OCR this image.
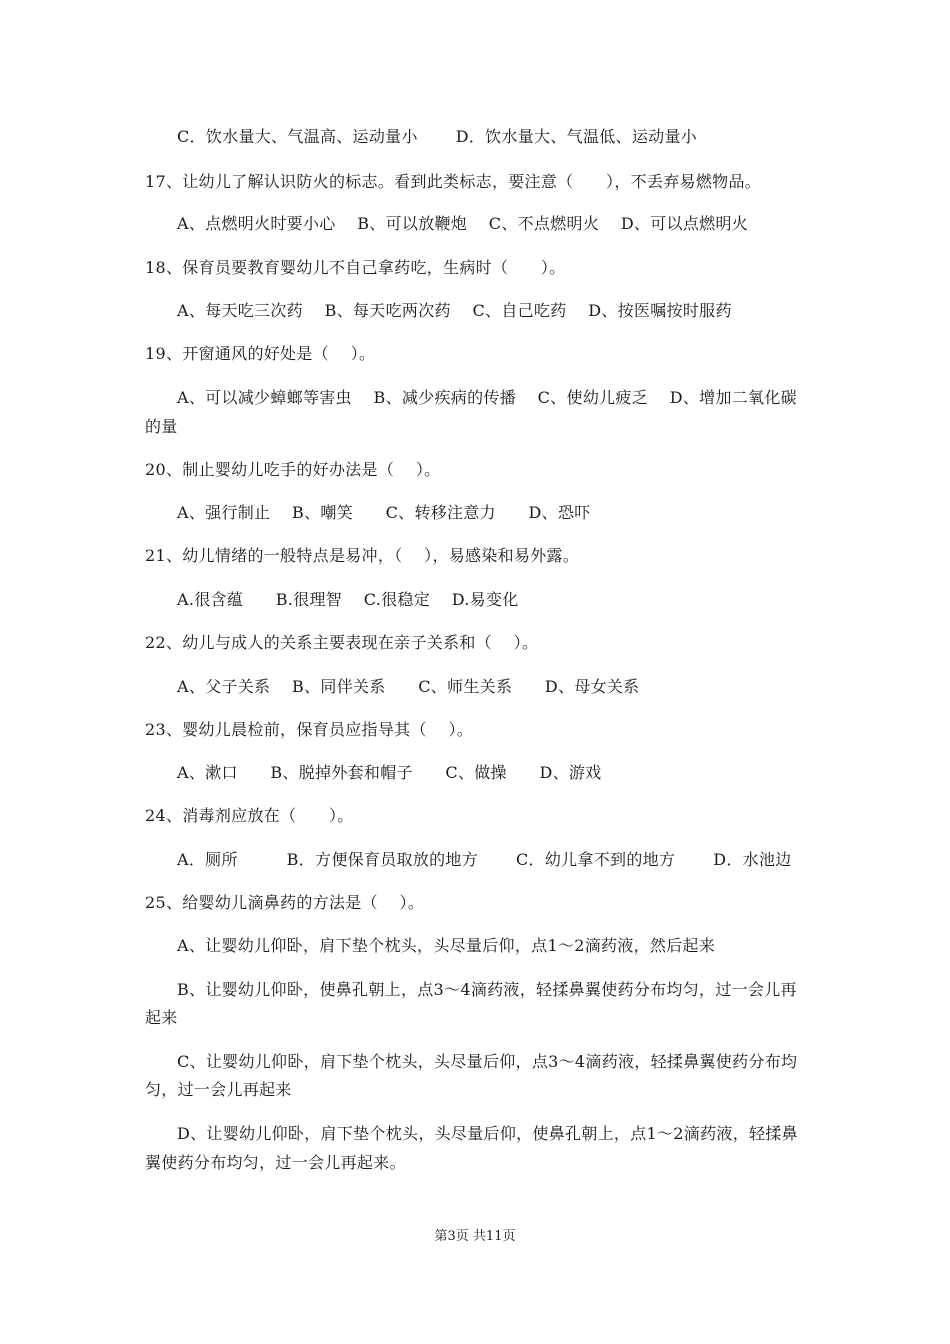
C．饮水量大、气温高、运动量小　　 D．饮水量大、气温低、运动量小
17、让幼儿了解认识防火的标志。看到此类标志，要注意（　　），不丢弃易燃物品。
A、点燃明火时要小心　 B、可以放鞭炮　 C、不点燃明火　 D、可以点燃明火
18、保育员要教育婴幼儿不自己拿药吃，生病时（　　）。
A、每天吃三次药　 B、每天吃两次药　 C、自己吃药　 D、按医嘱按时服药
19、开窗通风的好处是（　 ）。
A、可以减少蟑螂等害虫　 B、减少疾病的传播　 C、使幼儿疲乏　 D、增加二氧化碳
的量
20、制止婴幼儿吃手的好办法是（　 ）。
A、强行制止　 B、嘲笑　　C、转移注意力　　D、恐吓
21、幼儿情绪的一般特点是易冲，（　 ），易感染和易外露。
A.很含蕴　　B.很理智　 C.很稳定　 D.易变化
22、幼儿与成人的关系主要表现在亲子关系和（　 ）。
A、父子关系　 B、同伴关系　　C、师生关系　　D、母女关系
23、婴幼儿晨检前，保育员应指导其（　 ）。
A、漱口　　B、脱掉外套和帽子　　C、做操　　D、游戏
24、消毒剂应放在（　　）。
A．厕所　　　B．方便保育员取放的地方　　 C．幼儿拿不到的地方　　 D．水池边
25、给婴幼儿滴鼻药的方法是（　 ）。
A、让婴幼儿仰卧，肩下垫个枕头，头尽量后仰，点1～2滴药液，然后起来
B、让婴幼儿仰卧，使鼻孔朝上，点3～4滴药液，轻揉鼻翼使药分布均匀，过一会儿再
起来
C、让婴幼儿仰卧，肩下垫个枕头，头尽量后仰，点3～4滴药液，轻揉鼻翼使药分布均
匀，过一会儿再起来
D、让婴幼儿仰卧，肩下垫个枕头，头尽量后仰，使鼻孔朝上，点1～2滴药液，轻揉鼻
翼使药分布均匀，过一会儿再起来。
第3页 共11页
